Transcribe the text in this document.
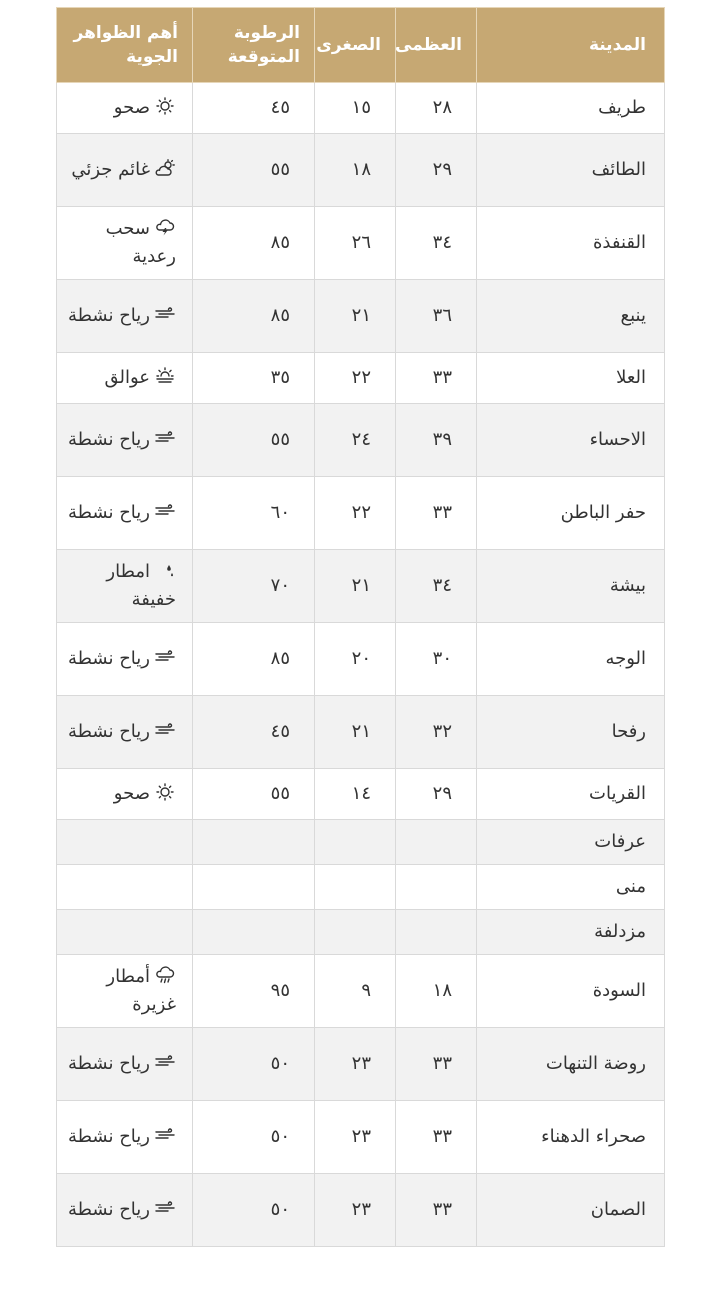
المدينة	العظمى	الصغرى	الرطوبة المتوقعة	أهم الظواهر الجوية
طريف	٢٨	١٥	٤٥	صحو
الطائف	٢٩	١٨	٥٥	غائم جزئي
القنفذة	٣٤	٢٦	٨٥	سحب رعدية
ينبع	٣٦	٢١	٨٥	رياح نشطة
العلا	٣٣	٢٢	٣٥	عوالق
الاحساء	٣٩	٢٤	٥٥	رياح نشطة
حفر الباطن	٣٣	٢٢	٦٠	رياح نشطة
بيشة	٣٤	٢١	٧٠	امطار خفيفة
الوجه	٣٠	٢٠	٨٥	رياح نشطة
رفحا	٣٢	٢١	٤٥	رياح نشطة
القريات	٢٩	١٤	٥٥	صحو
عرفات				
منى				
مزدلفة				
السودة	١٨	٩	٩٥	أمطار غزيرة
روضة التنهات	٣٣	٢٣	٥٠	رياح نشطة
صحراء الدهناء	٣٣	٢٣	٥٠	رياح نشطة
الصمان	٣٣	٢٣	٥٠	رياح نشطة
